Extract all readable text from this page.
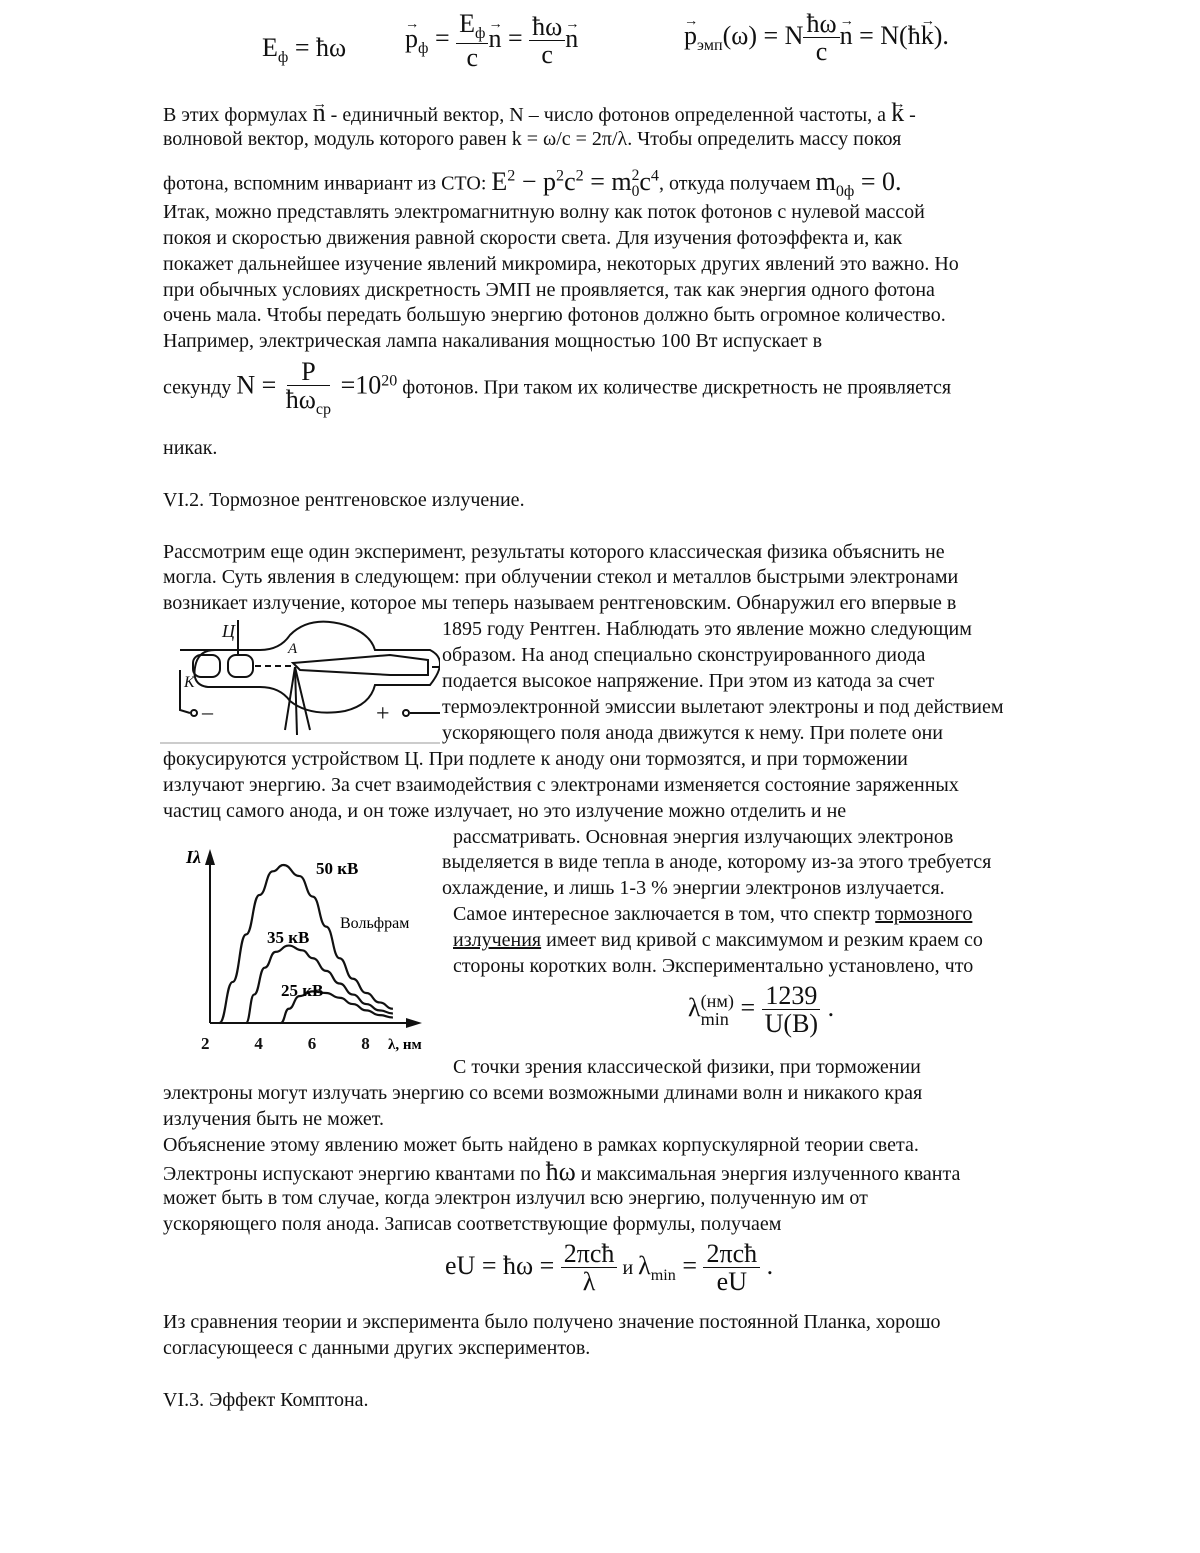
Eф = ħω
→ pф =
Eф
c
→ n = ħω
c
→ n
→	pэмп(ω) = N ħω
c
→ n = N(ħ→ k).
В этих формулах → n - единичный вектор, N – число фотонов определенной частоты, а → k -
волновой вектор, модуль которого равен k = ω/c = 2π/λ. Чтобы определить массу покоя
фотона, вспомним инвариант из СТО: E2 − p2c2 = m 2
0 c4, откуда получаем m0ф = 0.
Итак, можно представлять электромагнитную волну как поток фотонов с нулевой массой
покоя и скоростью движения равной скорости света. Для изучения фотоэффекта и, как
покажет дальнейшее изучение явлений микромира, некоторых других явлений это важно. Но
при обычных условиях дискретность ЭМП не проявляется, так как энергия одного фотона
очень мала. Чтобы передать большую энергию фотонов должно быть огромное количество.
Например, электрическая лампа накаливания мощностью 100 Вт испускает в
секунду N = P
ħωср
=1020 фотонов. При таком их количестве дискретность не проявляется
никак.
VI.2. Тормозное рентгеновское излучение.
Рассмотрим еще один эксперимент, результаты которого классическая физика объяснить не
могла. Суть явления в следующем: при облучении стекол и металлов быстрыми электронами
возникает излучение, которое мы теперь называем рентгеновским. Обнаружил его впервые в
1895 году Рентген. Наблюдать это явление можно следующим
образом. На анод специально сконструированного диода
подается высокое напряжение. При этом из катода за счет
термоэлектронной эмиссии вылетают электроны и под действием
ускоряющего поля анода движутся к нему. При полете они
фокусируются устройством Ц. При подлете к аноду они тормозятся, и при торможении
излучают энергию. За счет взаимодействия с электронами изменяется состояние заряженных
частиц самого анода, и он тоже излучает, но это излучение можно отделить и не
рассматривать. Основная энергия излучающих электронов
выделяется в виде тепла в аноде, которому из-за этого требуется
охлаждение, и лишь 1-3 % энергии электронов излучается.
Самое интересное заключается в том, что спектр тормозного
излучения имеет вид кривой с максимумом и резким краем со
стороны коротких волн. Экспериментально установлено, что
λ (нм)
min = 1239
U(B)
.
С точки зрения классической физики, при торможении
электроны могут излучать энергию со всеми возможными длинами волн и никакого края
излучения быть не может.
Объяснение этому явлению может быть найдено в рамках корпускулярной теории света.
Электроны испускают энергию квантами по ħω и максимальная энергия излученного кванта
может быть в том случае, когда электрон излучил всю энергию, полученную им от
ускоряющего поля анода. Записав соответствующие формулы, получаем
eU = ħω = 2πcħ
λ и λmin = 2πcħ
eU
.
Из сравнения теории и эксперимента было получено значение постоянной Планка, хорошо
согласующееся с данными других экспериментов.
VI.3. Эффект Комптона.
Ц
A
K
–	+
2	4	6	8
Iλ
λ, нм
50 кВ
Вольфрам
35 кВ
25 кВ
